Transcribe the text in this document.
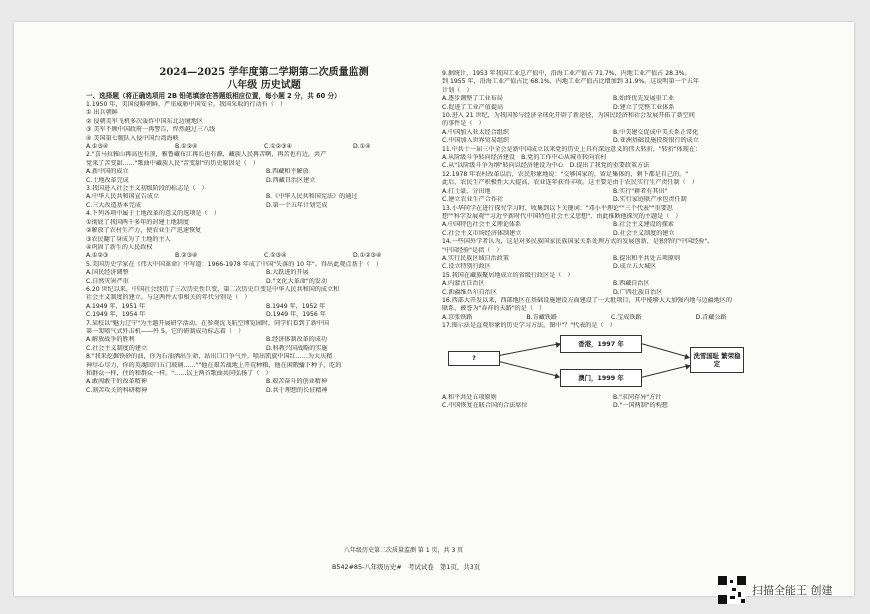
2024—2025 学年度第二学期第二次质量监测
八年级 历史试题
一、选择题（将正确选项用 2B 铅笔填涂在答题纸相应位置，每小题 2 分，共 60 分）

1.1950 年，美国侵略朝鲜，严重威胁中国安全。我国采取的行动有（　）

① 出兵朝鲜

② 侵朝美军飞机多次轰炸中国东北边境地区

③ 美军不顾中国政府一再警告，悍然越过三八线

④ 美国第七舰队入侵中国台湾海峡

A.①③④	B.①②④	C.①②③④	D.①④

2."喜马拉雅山再高也有顶，雅鲁藏布江再长也有源，藏族人民再苦啊，再苦也有边，共产

党来了苦变甜……"歌曲中藏族人民"苦变甜"的历史原因是（　）

A.新中国的成立	B.西藏和平解放
C.土地改革完成	D.西藏自治区建立

3.我国进入社会主义初级阶段的标志是（　）

A.中华人民共和国宣告成立	B.《中华人民共和国宪法》的通过
C.三大改造基本完成	D.第一个五年计划完成

4.下列各项中属于土地改革的意义的选项是（　）

①彻底了我国两千多年的封建土地制度

②解放了农村生产力，使农业生产迅速恢复

③农民翻了身成为了土地的主人

④巩固了新生的人民政权

A.①②③	B.②③④	C.①③④	D.①②③④

5.美国历史学家在《伟大中国革命》中写道：1966-1978 年成了中国"失落的 10 年"。得出此观点基于（　）

A.国民经济调整	B.大跃进的开展
C.自然灾害严重	D."文化大革命"的发动

6.20 世纪以来，中国社会经历了三次历史性巨变，第二次历史巨变是中华人民共和国的成立和

社会主义制度的建立。与这两件大事相关的年代分别是（　）

A.1949 年，1951 年	B.1949 年，1952 年
C.1949 年，1954 年	D.1949 年，1956 年

7.某校以"魅力辽宁"为主题开展研学活动。在参观沈飞航空博览园时，同学们看到了新中国

第一架喷气式歼击机——歼 5。它的研制成功标志着（　）

A.解放战争的胜利	B.经济体制改革的成功
C.社会主义制度的建立	D.科教兴国战略的实施

8."我来挖掘铁砂的油，你为石油洒出生命，站出口口争气井，喷出凯旋中国红……为大庆精

神尽心尽力，你的英魂回归五门玻璃……""他在艰苦战地上开荒种粮，他在闲暇播下种子，吃的

和群众一样，住的和群众一样。"……以上两首歌曲共同弘扬了（　）

A.敢闯敢干的改革精神	B.艰苦奋斗的创业精神
C.刻苦攻关的科研精神	D.共于理想的长征精神

9.据统计，1953 年我国工业总产值中，沿海工业产值占 71.7%，内地工业产值占 28.3%。

到 1955 年，沿海工业产值占比 68.1%，内地工业产值占比增加到 31.9%。这说明第一个五年

计划（　）

A.逐步调整了工业布局	B.始终优先发展重工业
C.促进了工业产值提高	D.建立了完整工业体系

10.进入 21 世纪，为我国参与经济全球化开辟了新途径，为国民经济和社会发展开拓了新空间

的事件是（　）

A.中国加入亚太经合组织	B.中美建交促成中美关系正常化
C.中国加入世界贸易组织	D.亚洲基础设施投资银行的成立

11.中共十一届三中全会是新中国成立以来党的历史上具有深远意义的伟大转折，"转折"体现在：

A.从阶级斗争转向经济建设　B.党的工作中心从城市转向农村

C.从"以阶级斗争为纲"转向以经济建设为中心　D.提出了我党的重要政策方法

12.1978 年农村改革以后，农民形象地说："交够国家的，留足集体的，剩下都是自己的。"

此后，农民生产积极性大大提高，农业连年获得丰收。这主要是由于农民实行生产责任制（　）

A.打土豪，分田地	B.实行"耕者有其田"
C.建立农业生产合作社	D.实行家庭联产承包责任制

13.小华同学在进行探究学习时，收集到以下关键词："邓小平理论""三个代表""重要思

想""科学发展观""习近平新时代中国特色社会主义思想"，由此推断他探究的主题是（　）

A.中国特色社会主义理论体系	B.社会主义建设的探索
C.社会主义市场经济体制建立	D.社会主义制度的建立

14.一些国外学者认为，这是对多民族国家民族国家关系处理方式的发展创新，是独特的"中国经验"。

"中国经验"是指（　）

A.实行民族区域自治政策	B.提出和平共处五项原则
C.设立特别行政区	D.成立五大城区

15.我国在藏族聚居地成立的省级行政区是（　）

A.内蒙古自治区	B.西藏自治区
C.新疆维吾尔自治区	D.广西壮族自治区

16.西部大开发以来，西部地区在基础设施建设方面建设了一大批项目，其中能够大大加强内地与边疆地区的

联系，被誉为"吞祥的天路"的是（　）

A.京张铁路	B.青藏铁路	C.宝成铁路	D.青藏公路

17.图示法是直观形象的历史学习方法。图中"？"代表的是（　）

?
香港，1997 年
澳门，1999 年
洗雪国耻 繁荣稳定
A.和平共处五项原则	B."求同存异"方针
C.中国恢复在联合国的合法席位	D."一国两制"的构想
八年级历史第二次质量监测 第 1 页，共 3 页
B542#85-八年级历史#　考试试卷　第1页，共3页
扫描全能王 创建
